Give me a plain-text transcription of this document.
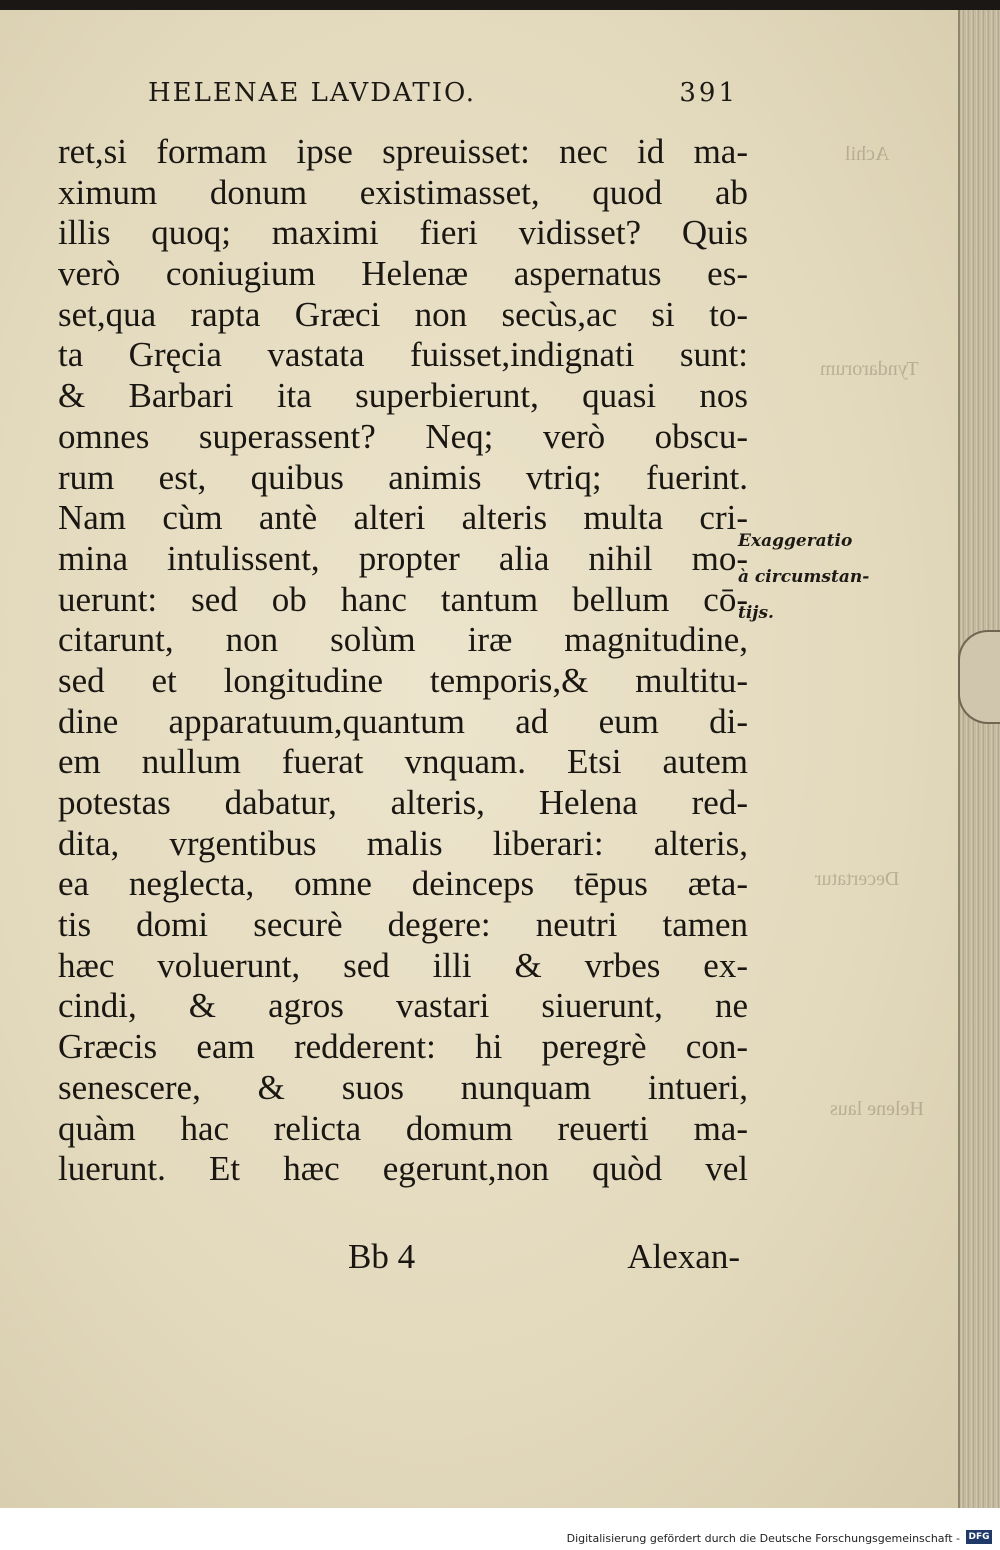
Achil
Tyndarorum
Decertatur
Helene laus
HELENAE LAVDATIO.	391
ret,si formam ipse spreuisset: nec id ma-
ximum donum existimasset, quod ab
illis quoq; maximi fieri vidisset? Quis
verò coniugium Helenæ aspernatus es-
set,qua rapta Græci non secùs,ac si to-
ta Gręcia vastata fuisset,indignati sunt:
& Barbari ita superbierunt, quasi nos
omnes superassent? Neq; verò obscu-
rum est, quibus animis vtriq; fuerint.
Nam cùm antè alteri alteris multa cri-
mina intulissent, propter alia nihil mo-
uerunt: sed ob hanc tantum bellum cō-
citarunt, non solùm iræ magnitudine,
sed et longitudine temporis,& multitu-
dine apparatuum,quantum ad eum di-
em nullum fuerat vnquam. Etsi autem
potestas dabatur, alteris, Helena red-
dita, vrgentibus malis liberari: alteris,
ea neglecta, omne deinceps tēpus æta-
tis domi securè degere: neutri tamen
hæc voluerunt, sed illi & vrbes ex-
cindi, & agros vastari siuerunt, ne
Græcis eam redderent: hi peregrè con-
senescere, & suos nunquam intueri,
quàm hac relicta domum reuerti ma-
luerunt. Et hæc egerunt,non quòd vel
Bb 4	Alexan-
Exaggeratio
à circumstan-
tijs.
Digitalisierung gefördert durch die Deutsche Forschungsgemeinschaft - DFG
